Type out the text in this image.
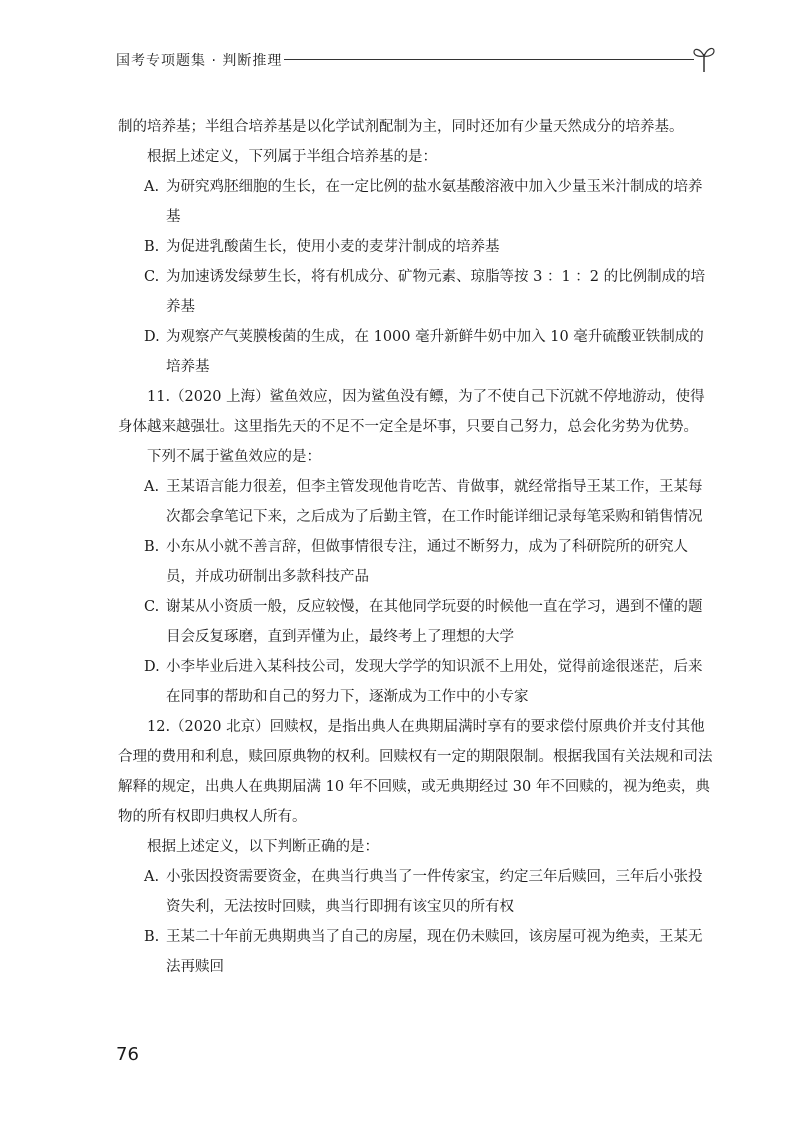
国考专项题集 · 判断推理

制的培养基；半组合培养基是以化学试剂配制为主，同时还加有少量天然成分的培养基。

根据上述定义，下列属于半组合培养基的是：

A. 为研究鸡胚细胞的生长，在一定比例的盐水氨基酸溶液中加入少量玉米汁制成的培养基

B. 为促进乳酸菌生长，使用小麦的麦芽汁制成的培养基

C. 为加速诱发绿萝生长，将有机成分、矿物元素、琼脂等按 3 ：1 ：2 的比例制成的培养基

D. 为观察产气荚膜梭菌的生成，在 1000 毫升新鲜牛奶中加入 10 毫升硫酸亚铁制成的培养基

11.（2020 上海）鲨鱼效应，因为鲨鱼没有鳔，为了不使自己下沉就不停地游动，使得身体越来越强壮。这里指先天的不足不一定全是坏事，只要自己努力，总会化劣势为优势。

下列不属于鲨鱼效应的是：

A. 王某语言能力很差，但李主管发现他肯吃苦、肯做事，就经常指导王某工作，王某每次都会拿笔记下来，之后成为了后勤主管，在工作时能详细记录每笔采购和销售情况

B. 小东从小就不善言辞，但做事情很专注，通过不断努力，成为了科研院所的研究人员，并成功研制出多款科技产品

C. 谢某从小资质一般，反应较慢，在其他同学玩耍的时候他一直在学习，遇到不懂的题目会反复琢磨，直到弄懂为止，最终考上了理想的大学

D. 小李毕业后进入某科技公司，发现大学学的知识派不上用处，觉得前途很迷茫，后来在同事的帮助和自己的努力下，逐渐成为工作中的小专家

12.（2020 北京）回赎权，是指出典人在典期届满时享有的要求偿付原典价并支付其他合理的费用和利息，赎回原典物的权利。回赎权有一定的期限限制。根据我国有关法规和司法解释的规定，出典人在典期届满 10 年不回赎，或无典期经过 30 年不回赎的，视为绝卖，典物的所有权即归典权人所有。

根据上述定义，以下判断正确的是：

A. 小张因投资需要资金，在典当行典当了一件传家宝，约定三年后赎回，三年后小张投资失利，无法按时回赎，典当行即拥有该宝贝的所有权

B. 王某二十年前无典期典当了自己的房屋，现在仍未赎回，该房屋可视为绝卖，王某无法再赎回

76
